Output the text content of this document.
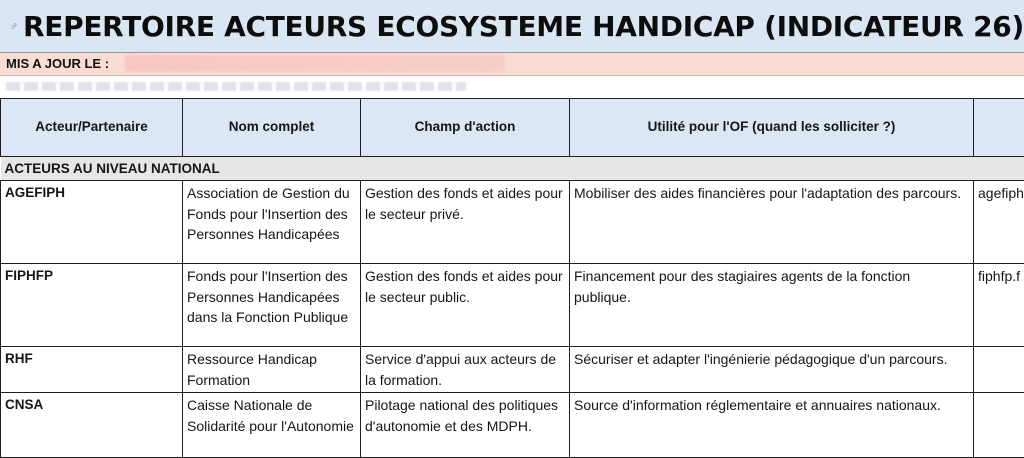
REPERTOIRE ACTEURS ECOSYSTEME HANDICAP (INDICATEUR 26)
MIS A JOUR LE :
Acteur/Partenaire	Nom complet	Champ d'action	Utilité pour l'OF (quand les solliciter ?)	
ACTEURS AU NIVEAU NATIONAL				
AGEFIPH	Association de Gestion du Fonds pour l'Insertion des Personnes Handicapées	Gestion des fonds et aides pour le secteur privé.	Mobiliser des aides financières pour l'adaptation des parcours.	agefiph
FIPHFP	Fonds pour l'Insertion des Personnes Handicapées dans la Fonction Publique	Gestion des fonds et aides pour le secteur public.	Financement pour des stagiaires agents de la fonction publique.	fiphfp.f
RHF	Ressource Handicap Formation	Service d'appui aux acteurs de la formation.	Sécuriser et adapter l'ingénierie pédagogique d'un parcours.	
CNSA	Caisse Nationale de Solidarité pour l'Autonomie	Pilotage national des politiques d'autonomie et des MDPH.	Source d'information réglementaire et annuaires nationaux.	
